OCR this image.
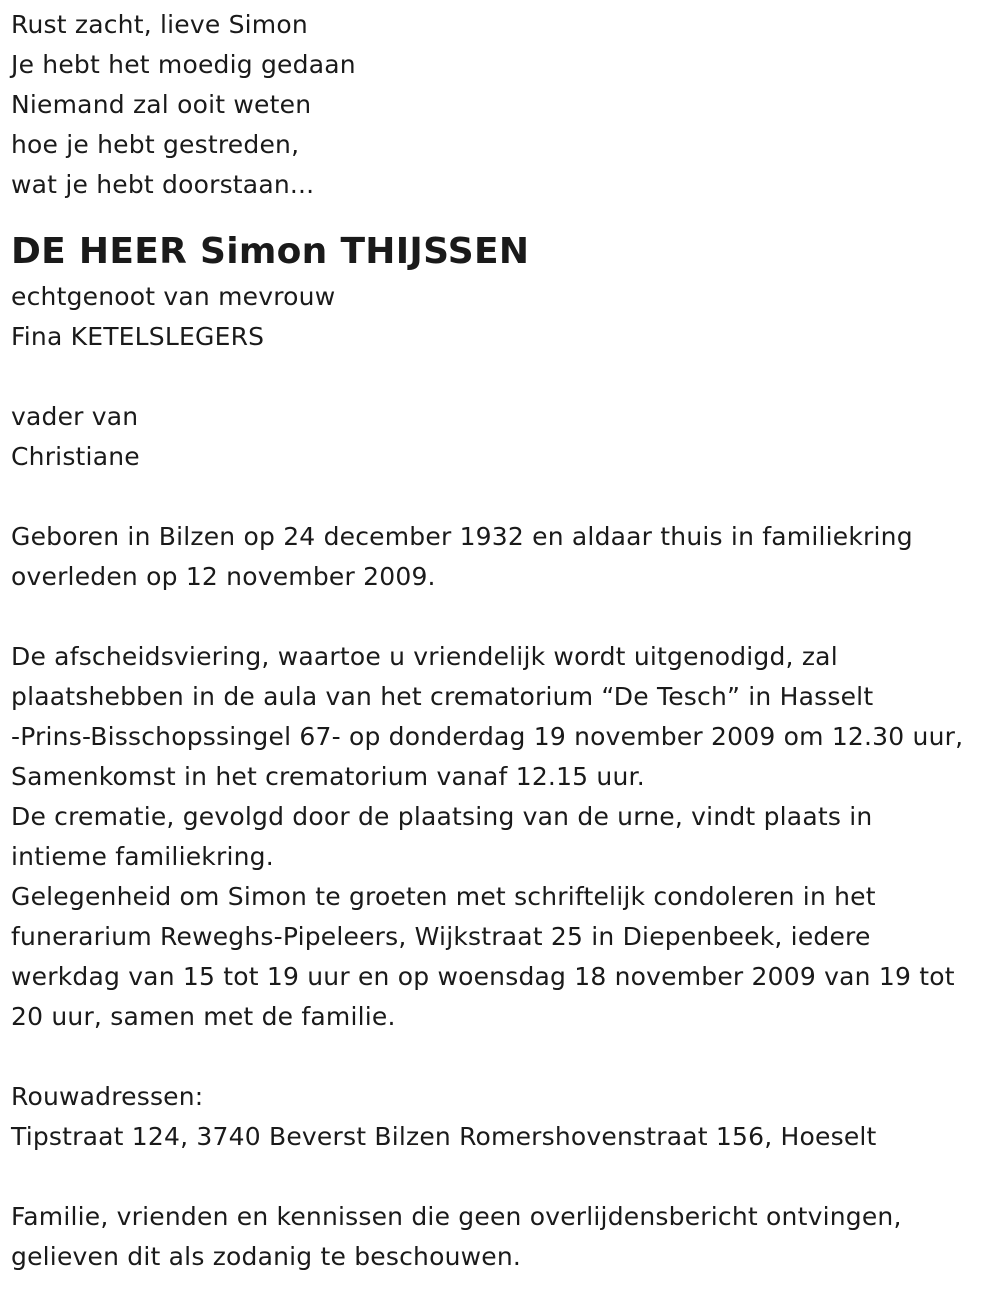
Rust zacht, lieve Simon
Je hebt het moedig gedaan
Niemand zal ooit weten
hoe je hebt gestreden,
wat je hebt doorstaan...
DE HEER Simon THIJSSEN
echtgenoot van mevrouw
Fina KETELSLEGERS
vader van
Christiane
Geboren in Bilzen op 24 december 1932 en aldaar thuis in familiekring
overleden op 12 november 2009.
De afscheidsviering, waartoe u vriendelijk wordt uitgenodigd, zal
plaatshebben in de aula van het crematorium “De Tesch” in Hasselt
-Prins-Bisschopssingel 67- op donderdag 19 november 2009 om 12.30 uur,
Samenkomst in het crematorium vanaf 12.15 uur.
De crematie, gevolgd door de plaatsing van de urne, vindt plaats in
intieme familiekring.
Gelegenheid om Simon te groeten met schriftelijk condoleren in het
funerarium Reweghs-Pipeleers, Wijkstraat 25 in Diepenbeek, iedere
werkdag van 15 tot 19 uur en op woensdag 18 november 2009 van 19 tot
20 uur, samen met de familie.
Rouwadressen:
Tipstraat 124, 3740 Beverst Bilzen Romershovenstraat 156, Hoeselt
Familie, vrienden en kennissen die geen overlijdensbericht ontvingen,
gelieven dit als zodanig te beschouwen.
